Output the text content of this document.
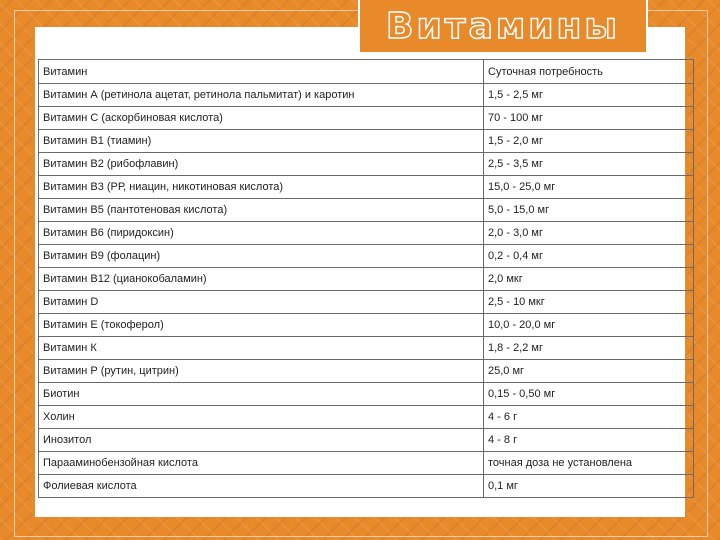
Витамины
Витамин	Суточная потребность
Витамин А (ретинола ацетат, ретинола пальмитат) и каротин	1,5 - 2,5 мг
Витамин С (аскорбиновая кислота)	70 - 100 мг
Витамин В1 (тиамин)	1,5 - 2,0 мг
Витамин В2 (рибофлавин)	2,5 - 3,5 мг
Витамин В3 (РР, ниацин, никотиновая кислота)	15,0 - 25,0 мг
Витамин В5 (пантотеновая кислота)	5,0 - 15,0 мг
Витамин В6 (пиридоксин)	2,0 - 3,0 мг
Витамин В9 (фолацин)	0,2 - 0,4 мг
Витамин В12 (цианокобаламин)	2,0 мкг
Витамин D	2,5 - 10 мкг
Витамин Е (токоферол)	10,0 - 20,0 мг
Витамин К	1,8 - 2,2 мг
Витамин Р (рутин, цитрин)	25,0 мг
Биотин	0,15 - 0,50 мг
Холин	4 - 6 г
Инозитол	4 - 8 г
Парааминобензойная кислота	точная доза не установлена
Фолиевая кислота	0,1 мг
